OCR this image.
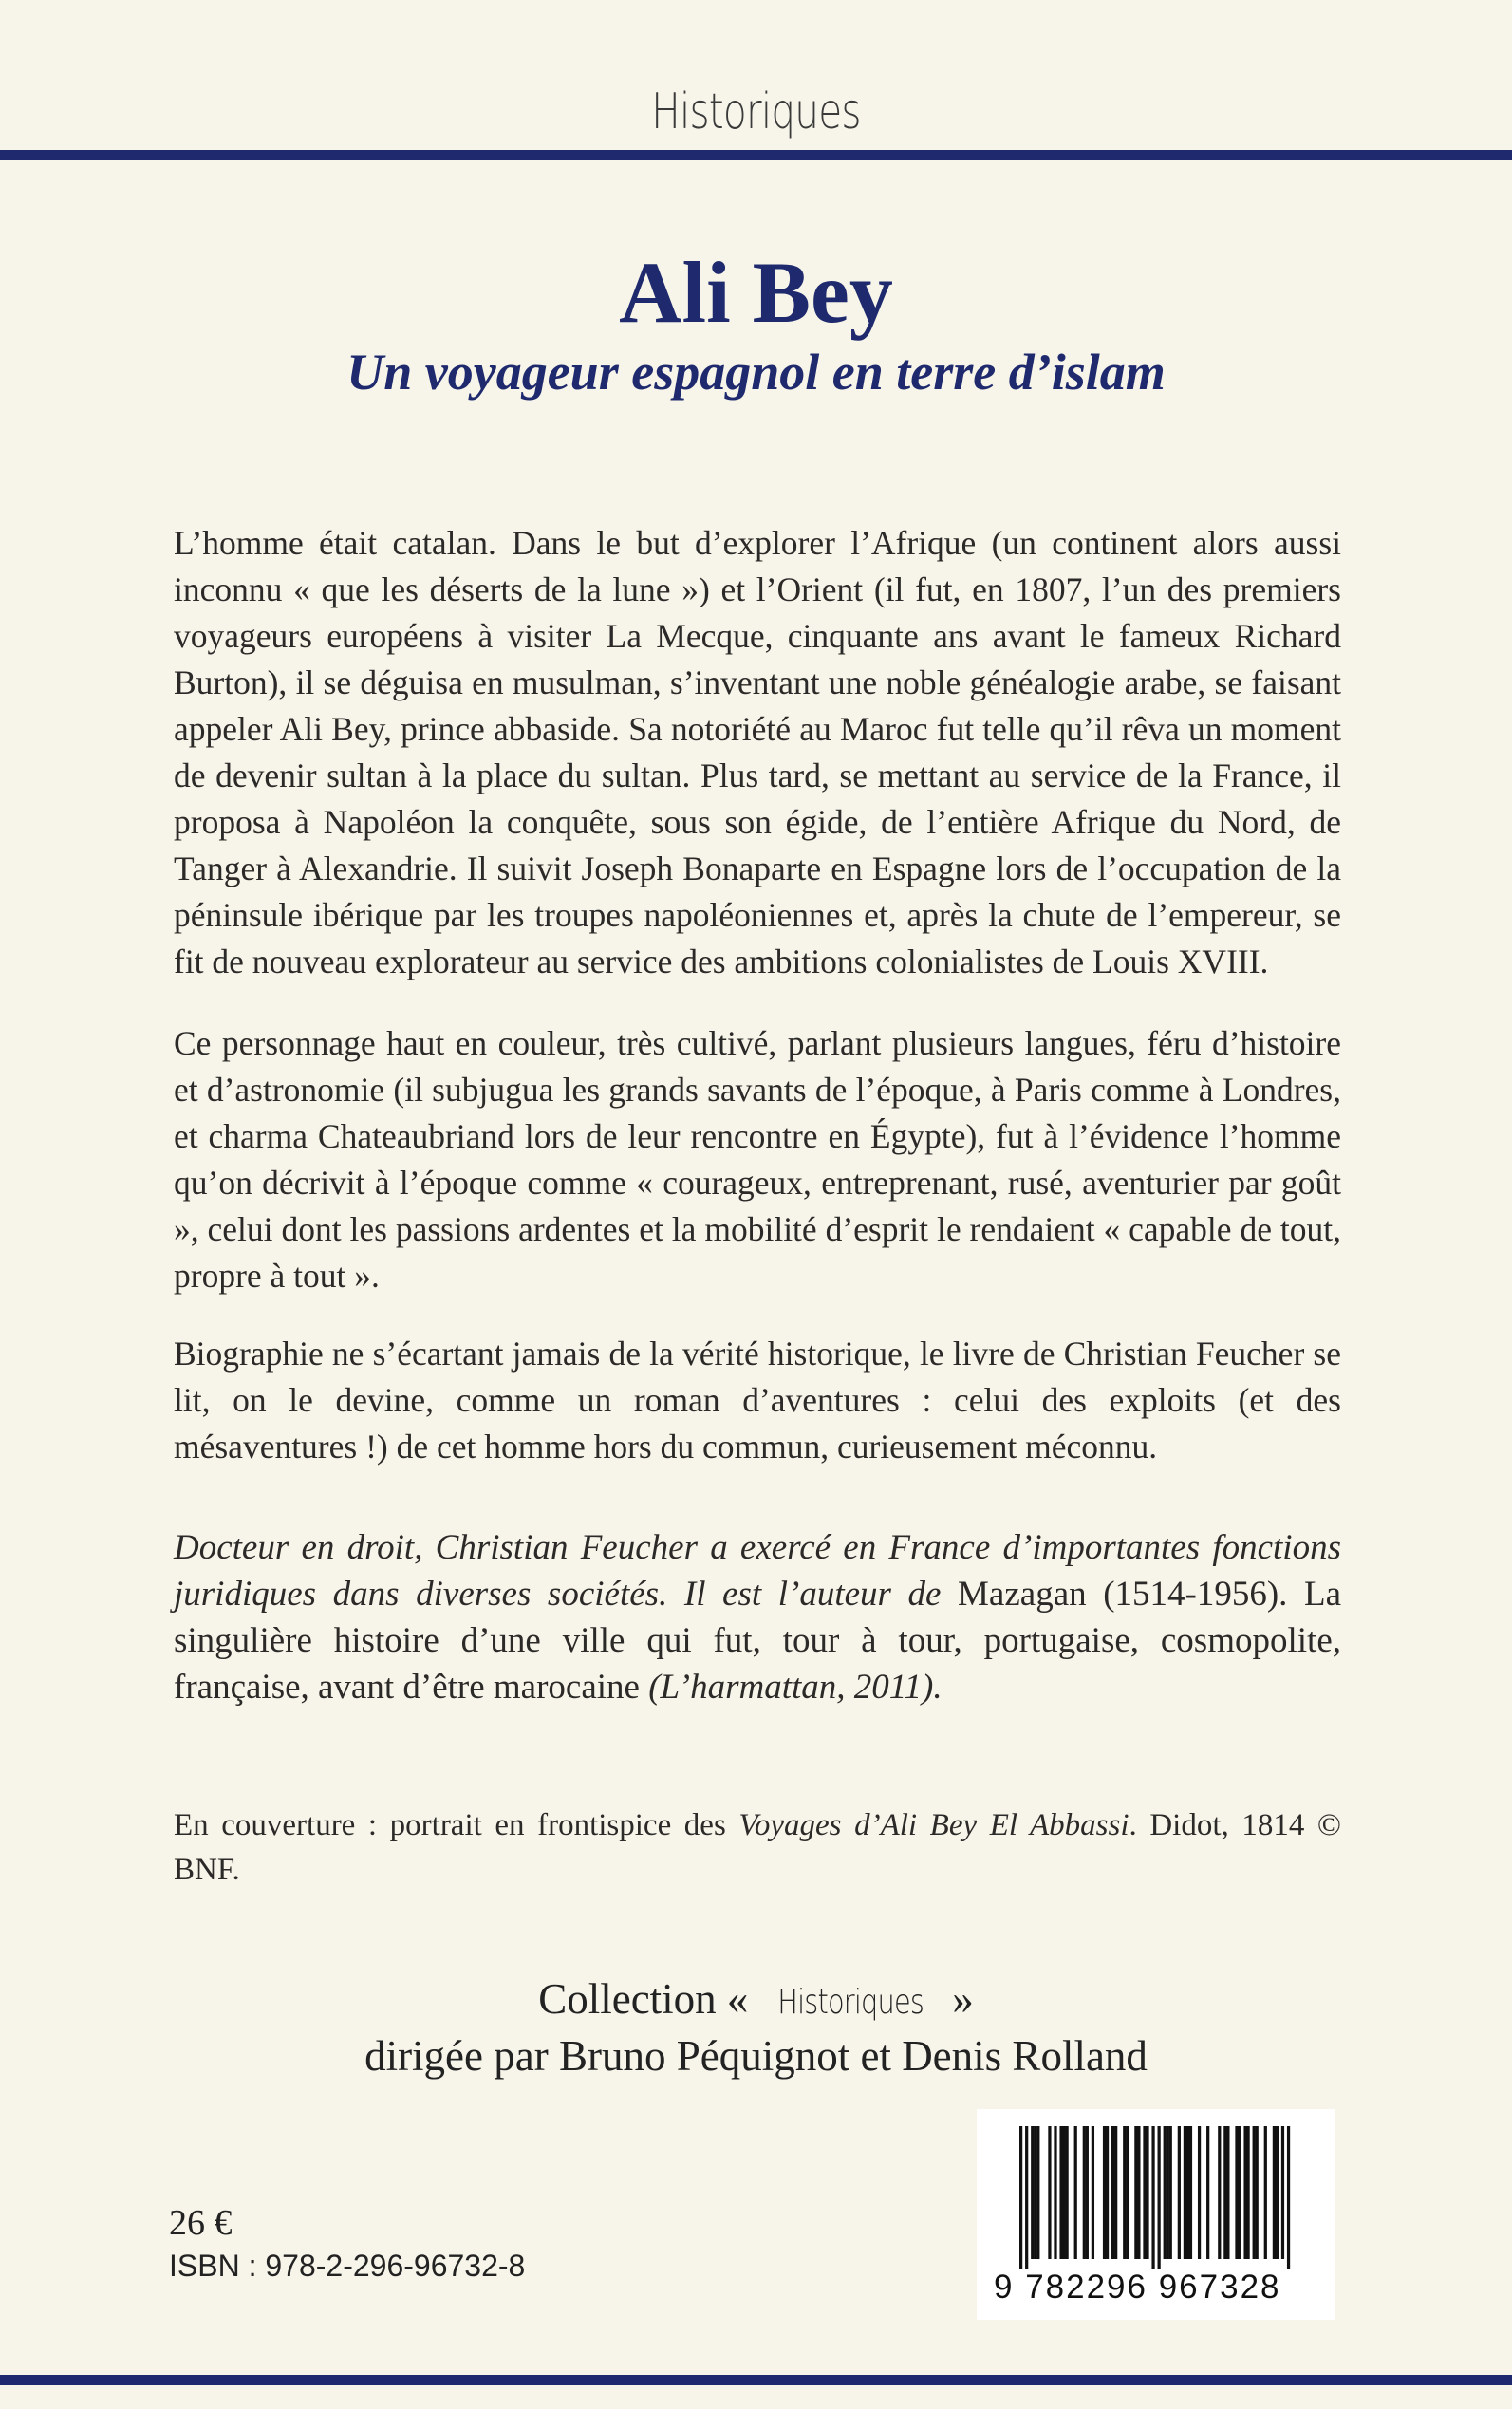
Historiques
Ali Bey
Un voyageur espagnol en terre d’islam

L’homme était catalan. Dans le but d’explorer l’Afrique (un continent alors aussi inconnu « que les déserts de la lune ») et l’Orient (il fut, en 1807, l’un des premiers voyageurs européens à visiter La Mecque, cinquante ans avant le fameux Richard Burton), il se déguisa en musulman, s’inventant une noble généalogie arabe, se faisant appeler Ali Bey, prince abbaside. Sa notoriété au Maroc fut telle qu’il rêva un moment de devenir sultan à la place du sultan. Plus tard, se mettant au service de la France, il proposa à Napoléon la conquête, sous son égide, de l’entière Afrique du Nord, de Tanger à Alexandrie. Il suivit Joseph Bonaparte en Espagne lors de l’occupation de la péninsule ibérique par les troupes napoléoniennes et, après la chute de l’empereur, se fit de nouveau explorateur au service des ambitions colonialistes de Louis XVIII.

Ce personnage haut en couleur, très cultivé, parlant plusieurs langues, féru d’histoire et d’astronomie (il subjugua les grands savants de l’époque, à Paris comme à Londres, et charma Chateaubriand lors de leur rencontre en Égypte), fut à l’évidence l’homme qu’on décrivit à l’époque comme « courageux, entreprenant, rusé, aventurier par goût », celui dont les passions ardentes et la mobilité d’esprit le rendaient « capable de tout, propre à tout ».

Biographie ne s’écartant jamais de la vérité historique, le livre de Christian Feucher se lit, on le devine, comme un roman d’aventures : celui des exploits (et des mésaventures !) de cet homme hors du commun, curieusement méconnu.

Docteur en droit, Christian Feucher a exercé en France d’importantes fonctions juridiques dans diverses sociétés. Il est l’auteur de Mazagan (1514-1956). La singulière histoire d’une ville qui fut, tour à tour, portugaise, cosmopolite, française, avant d’être marocaine (L’harmattan, 2011).

En couverture : portrait en frontispice des Voyages d’Ali Bey El Abbassi. Didot, 1814 © BNF.

Collection « Historiques »
dirigée par Bruno Péquignot et Denis Rolland
26 €
ISBN : 978-2-296-96732-8
9 782296 967328
